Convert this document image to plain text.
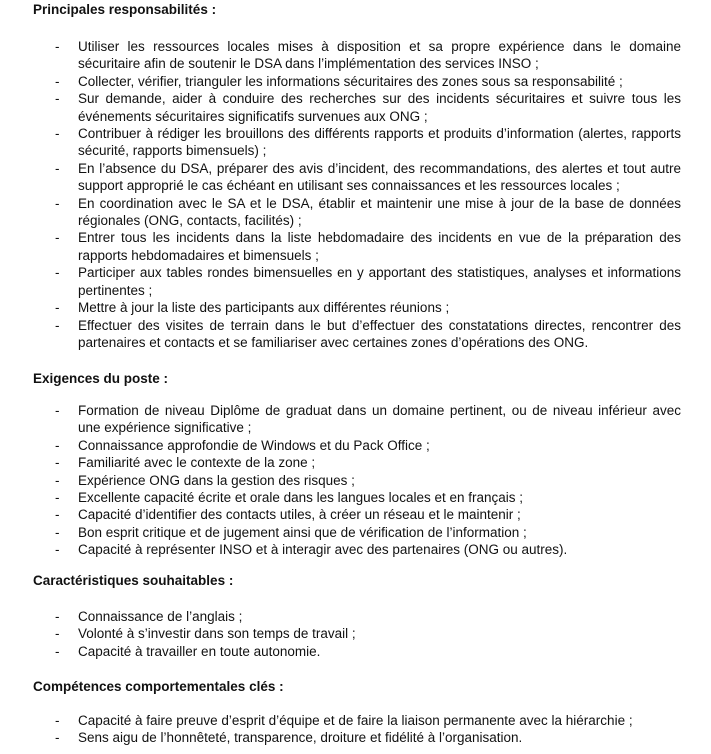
Principales responsabilités :
- Utiliser les ressources locales mises à disposition et sa propre expérience dans le domaine sécuritaire afin de soutenir le DSA dans l’implémentation des services INSO ;
- Collecter, vérifier, trianguler les informations sécuritaires des zones sous sa responsabilité ;
- Sur demande, aider à conduire des recherches sur des incidents sécuritaires et suivre tous les événements sécuritaires significatifs survenues aux ONG ;
- Contribuer à rédiger les brouillons des différents rapports et produits d’information (alertes, rapports sécurité, rapports bimensuels) ;
- En l’absence du DSA, préparer des avis d’incident, des recommandations, des alertes et tout autre support approprié le cas échéant en utilisant ses connaissances et les ressources locales ;
- En coordination avec le SA et le DSA, établir et maintenir une mise à jour de la base de données régionales (ONG, contacts, facilités) ;
- Entrer tous les incidents dans la liste hebdomadaire des incidents en vue de la préparation des rapports hebdomadaires et bimensuels ;
- Participer aux tables rondes bimensuelles en y apportant des statistiques, analyses et informations pertinentes ;
- Mettre à jour la liste des participants aux différentes réunions ;
- Effectuer des visites de terrain dans le but d’effectuer des constatations directes, rencontrer des partenaires et contacts et se familiariser avec certaines zones d’opérations des ONG.
Exigences du poste :
- Formation de niveau Diplôme de graduat dans un domaine pertinent, ou de niveau inférieur avec une expérience significative ;
- Connaissance approfondie de Windows et du Pack Office ;
- Familiarité avec le contexte de la zone ;
- Expérience ONG dans la gestion des risques ;
- Excellente capacité écrite et orale dans les langues locales et en français ;
- Capacité d’identifier des contacts utiles, à créer un réseau et le maintenir ;
- Bon esprit critique et de jugement ainsi que de vérification de l’information ;
- Capacité à représenter INSO et à interagir avec des partenaires (ONG ou autres).
Caractéristiques souhaitables :
- Connaissance de l’anglais ;
- Volonté à s’investir dans son temps de travail ;
- Capacité à travailler en toute autonomie.
Compétences comportementales clés :
- Capacité à faire preuve d’esprit d’équipe et de faire la liaison permanente avec la hiérarchie ;
- Sens aigu de l’honnêteté, transparence, droiture et fidélité à l’organisation.
